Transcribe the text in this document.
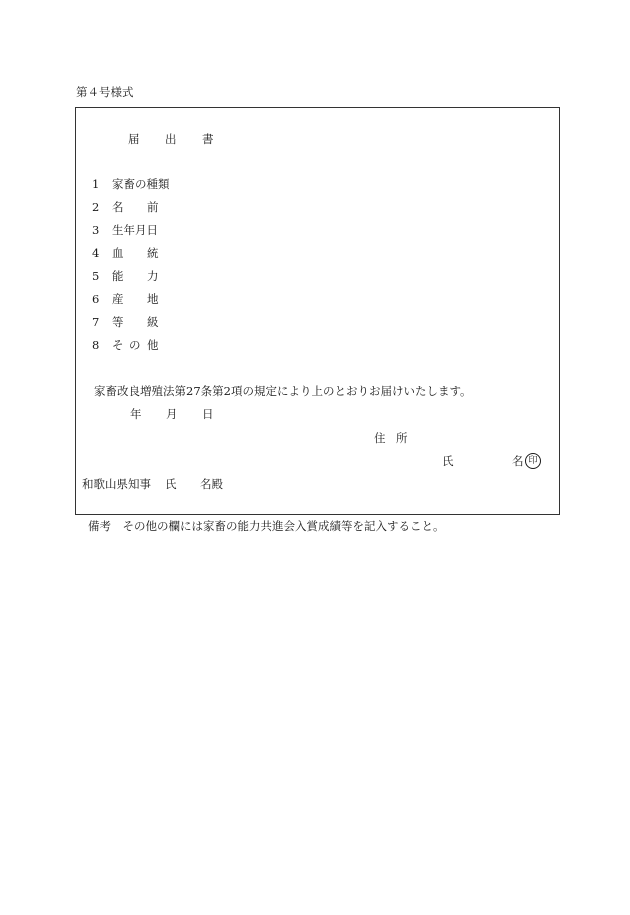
第４号様式
届 出 書
1 家畜の種類
2 名 前
3 生年月日
4 血 統
5 能 力
6 産 地
7 等 級
8 そ の 他
家畜改良増殖法第27条第2項の規定により上のとおりお届けいたします。
年 月 日
住 所
氏	名 印
和歌山県知事 氏 名殿
備考　その他の欄には家畜の能力共進会入賞成績等を記入すること。
